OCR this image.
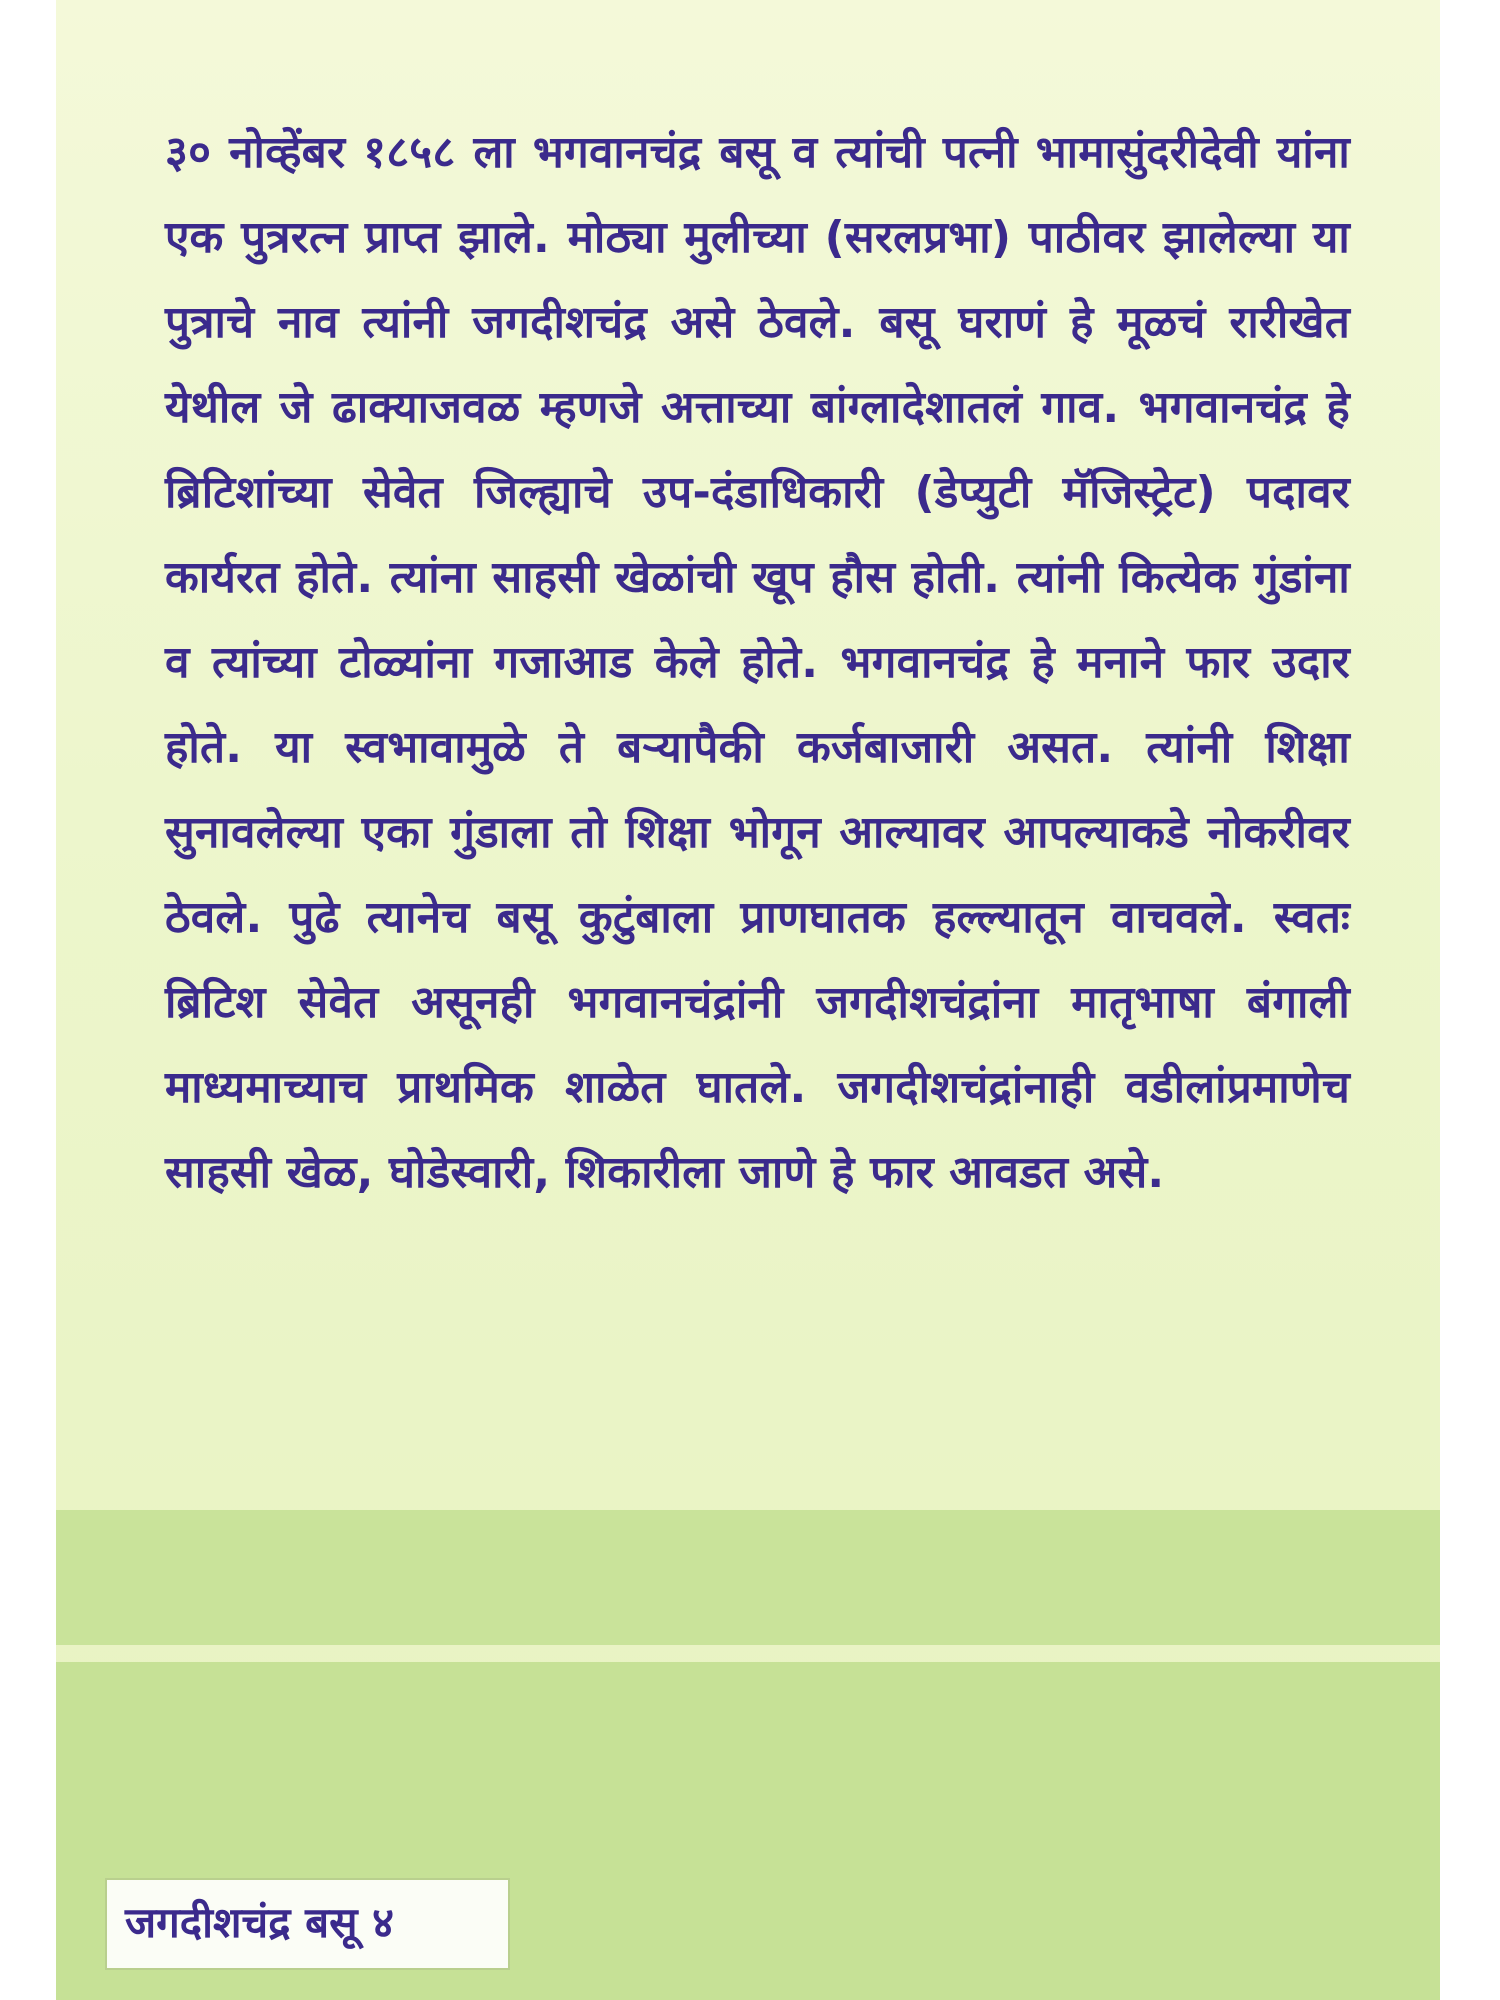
३० नोव्हेंबर १८५८ ला भगवानचंद्र बसू व त्यांची पत्नी भामासुंदरीदेवी यांना एक पुत्ररत्न प्राप्त झाले. मोठ्या मुलीच्या (सरलप्रभा) पाठीवर झालेल्या या पुत्राचे नाव त्यांनी जगदीशचंद्र असे ठेवले. बसू घराणं हे मूळचं रारीखेत येथील जे ढाक्याजवळ म्हणजे अत्ताच्या बांग्लादेशातलं गाव. भगवानचंद्र हे ब्रिटिशांच्या सेवेत जिल्ह्याचे उप-दंडाधिकारी (डेप्युटी मॅजिस्ट्रेट) पदावर कार्यरत होते. त्यांना साहसी खेळांची खूप हौस होती. त्यांनी कित्येक गुंडांना व त्यांच्या टोळ्यांना गजाआड केले होते. भगवानचंद्र हे मनाने फार उदार होते. या स्वभावामुळे ते बऱ्यापैकी कर्जबाजारी असत. त्यांनी शिक्षा सुनावलेल्या एका गुंडाला तो शिक्षा भोगून आल्यावर आपल्याकडे नोकरीवर ठेवले. पुढे त्यानेच बसू कुटुंबाला प्राणघातक हल्ल्यातून वाचवले. स्वतः ब्रिटिश सेवेत असूनही भगवानचंद्रांनी जगदीशचंद्रांना मातृभाषा बंगाली माध्यमाच्याच प्राथमिक शाळेत घातले. जगदीशचंद्रांनाही वडीलांप्रमाणेच साहसी खेळ, घोडेस्वारी, शिकारीला जाणे हे फार आवडत असे.

जगदीशचंद्र बसू ४
